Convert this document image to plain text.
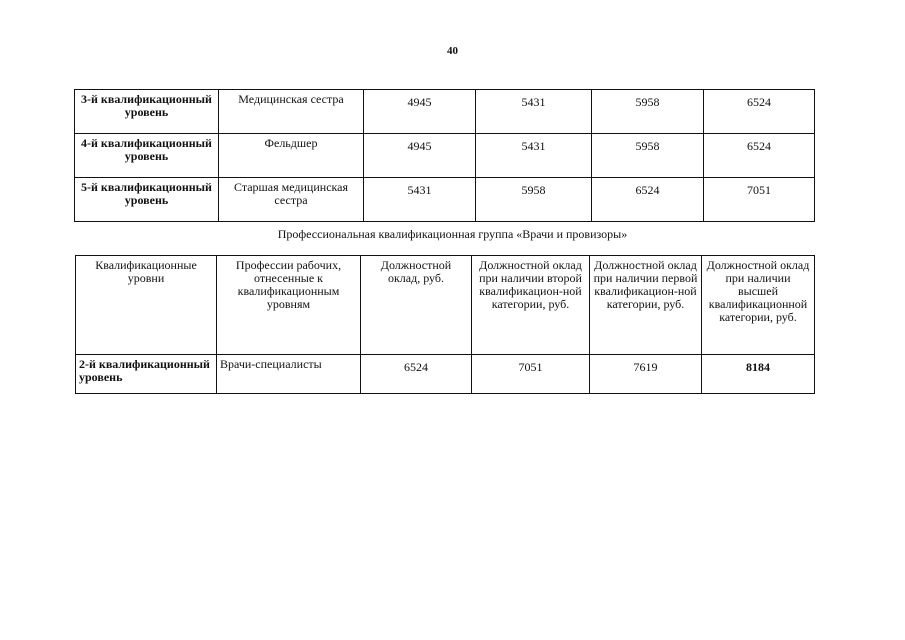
40
3-й квалификационный уровень	Медицинская сестра	4945	5431	5958	6524
4-й квалификационный уровень	Фельдшер	4945	5431	5958	6524
5-й квалификационный уровень	Старшая медицинская сестра	5431	5958	6524	7051
Профессиональная квалификационная группа «Врачи и провизоры»
Квалификационные уровни	Профессии рабочих, отнесенные к квалификационным уровням	Должностной оклад, руб.	Должностной оклад при наличии второй квалификацион-ной категории, руб.	Должностной оклад при наличии первой квалификацион-ной категории, руб.	Должностной оклад при наличии высшей квалификационной категории, руб.
2-й квалификационный уровень	Врачи-специалисты	6524	7051	7619	8184
